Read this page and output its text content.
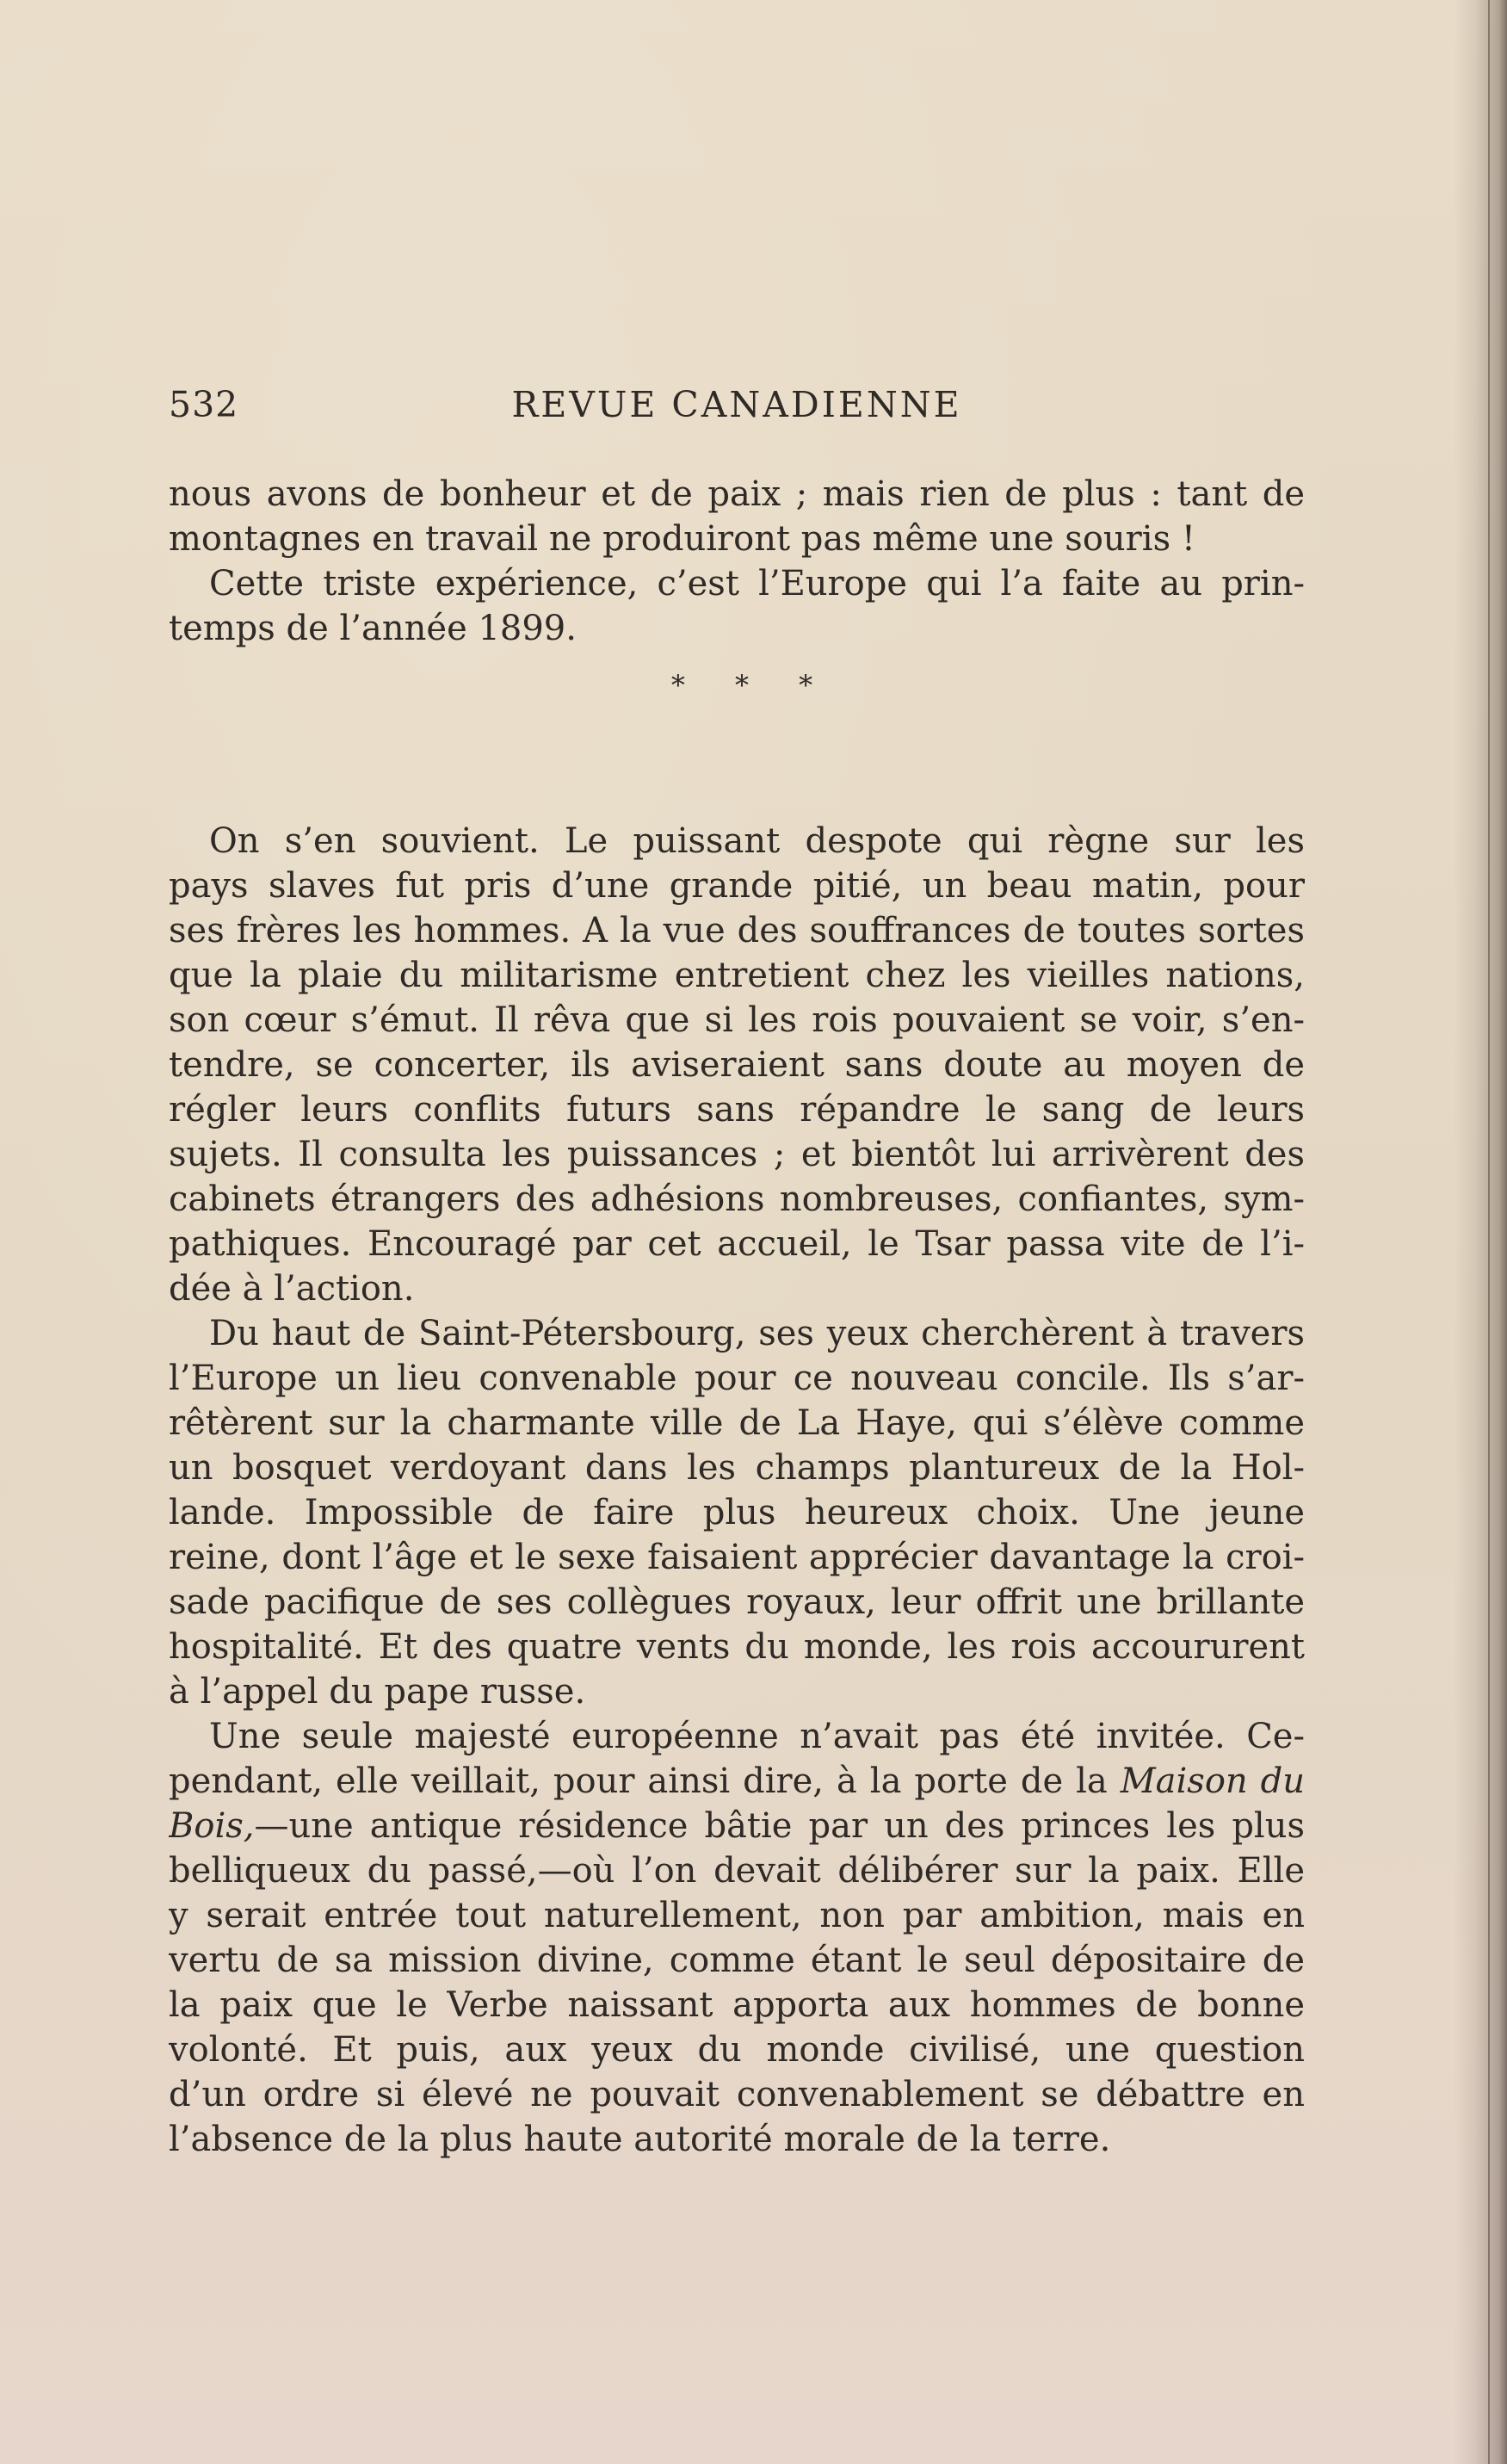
532	REVUE CANADIENNE
nous avons de bonheur et de paix ; mais rien de plus : tant de
montagnes en travail ne produiront pas même une souris !
Cette triste expérience, c’est l’Europe qui l’a faite au prin-
temps de l’année 1899.
* * *
On s’en souvient. Le puissant despote qui règne sur les
pays slaves fut pris d’une grande pitié, un beau matin, pour
ses frères les hommes. A la vue des souffrances de toutes sortes
que la plaie du militarisme entretient chez les vieilles nations,
son cœur s’émut. Il rêva que si les rois pouvaient se voir, s’en-
tendre, se concerter, ils aviseraient sans doute au moyen de
régler leurs conflits futurs sans répandre le sang de leurs
sujets. Il consulta les puissances ; et bientôt lui arrivèrent des
cabinets étrangers des adhésions nombreuses, confiantes, sym-
pathiques. Encouragé par cet accueil, le Tsar passa vite de l’i-
dée à l’action.
Du haut de Saint-Pétersbourg, ses yeux cherchèrent à travers
l’Europe un lieu convenable pour ce nouveau concile. Ils s’ar-
rêtèrent sur la charmante ville de La Haye, qui s’élève comme
un bosquet verdoyant dans les champs plantureux de la Hol-
lande. Impossible de faire plus heureux choix. Une jeune
reine, dont l’âge et le sexe faisaient apprécier davantage la croi-
sade pacifique de ses collègues royaux, leur offrit une brillante
hospitalité. Et des quatre vents du monde, les rois accoururent
à l’appel du pape russe.
Une seule majesté européenne n’avait pas été invitée. Ce-
pendant, elle veillait, pour ainsi dire, à la porte de la Maison du
Bois,—une antique résidence bâtie par un des princes les plus
belliqueux du passé,—où l’on devait délibérer sur la paix. Elle
y serait entrée tout naturellement, non par ambition, mais en
vertu de sa mission divine, comme étant le seul dépositaire de
la paix que le Verbe naissant apporta aux hommes de bonne
volonté. Et puis, aux yeux du monde civilisé, une question
d’un ordre si élevé ne pouvait convenablement se débattre en
l’absence de la plus haute autorité morale de la terre.
